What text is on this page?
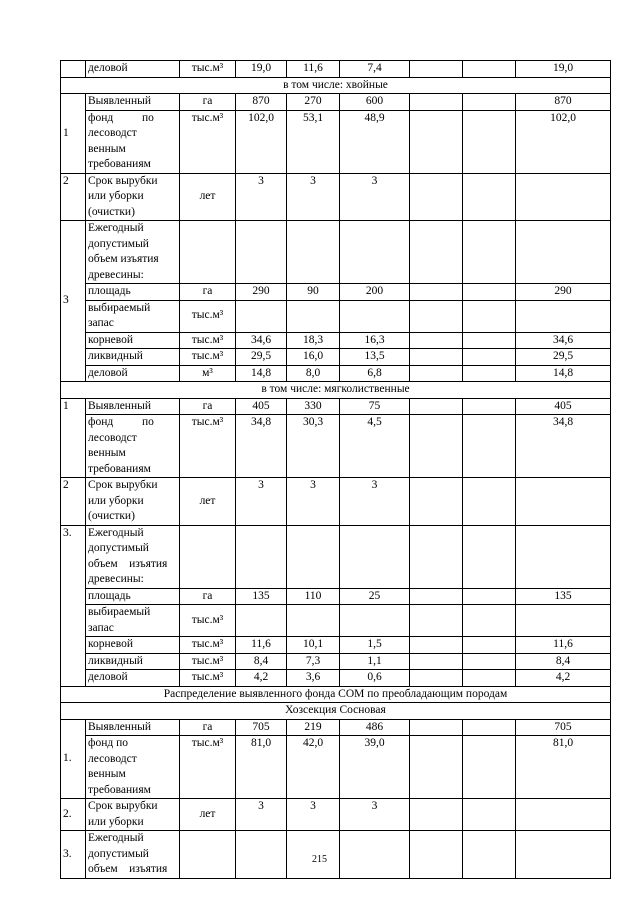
	деловой	тыс.м³	19,0	11,6	7,4			19,0
в том числе: хвойные								
1	Выявленный	га	870	270	600			870

	фонд          по
лесоводст
венным
требованиям	тыс.м³	102,0	53,1	48,9			102,0
2	Срок вырубки
или уборки
(очистки)	лет	3	3	3			
3	Ежегодный
допустимый
объем изъятия
древесины:							

	площадь	га	290	90	200			290

	выбираемый
запас	тыс.м³						
	корневой	тыс.м³	34,6	18,3	16,3			34,6
	ликвидный	тыс.м³	29,5	16,0	13,5			29,5
	деловой	м³	14,8	8,0	6,8			14,8
в том числе: мягколиственные								
1	Выявленный	га	405	330	75			405

	фонд          по
лесоводст
венным
требованиям	тыс.м³	34,8	30,3	4,5			34,8
2	Срок вырубки
или уборки
(очистки)	лет	3	3	3			
3.	Ежегодный
допустимый
объем    изъятия
древесины:							

	площадь	га	135	110	25			135

	выбираемый
запас	тыс.м³						
	корневой	тыс.м³	11,6	10,1	1,5			11,6
	ликвидный	тыс.м³	8,4	7,3	1,1			8,4
	деловой	тыс.м³	4,2	3,6	0,6			4,2
Распределение выявленного фонда СОМ по преобладающим породам								
Хозсекция Сосновая								
1.	Выявленный	га	705	219	486			705

	фонд по
лесоводст
венным
требованиям	тыс.м³	81,0	42,0	39,0			81,0
2.	Срок вырубки
или уборки	лет	3	3	3			
3.	Ежегодный
допустимый
объем    изъятия							

215
